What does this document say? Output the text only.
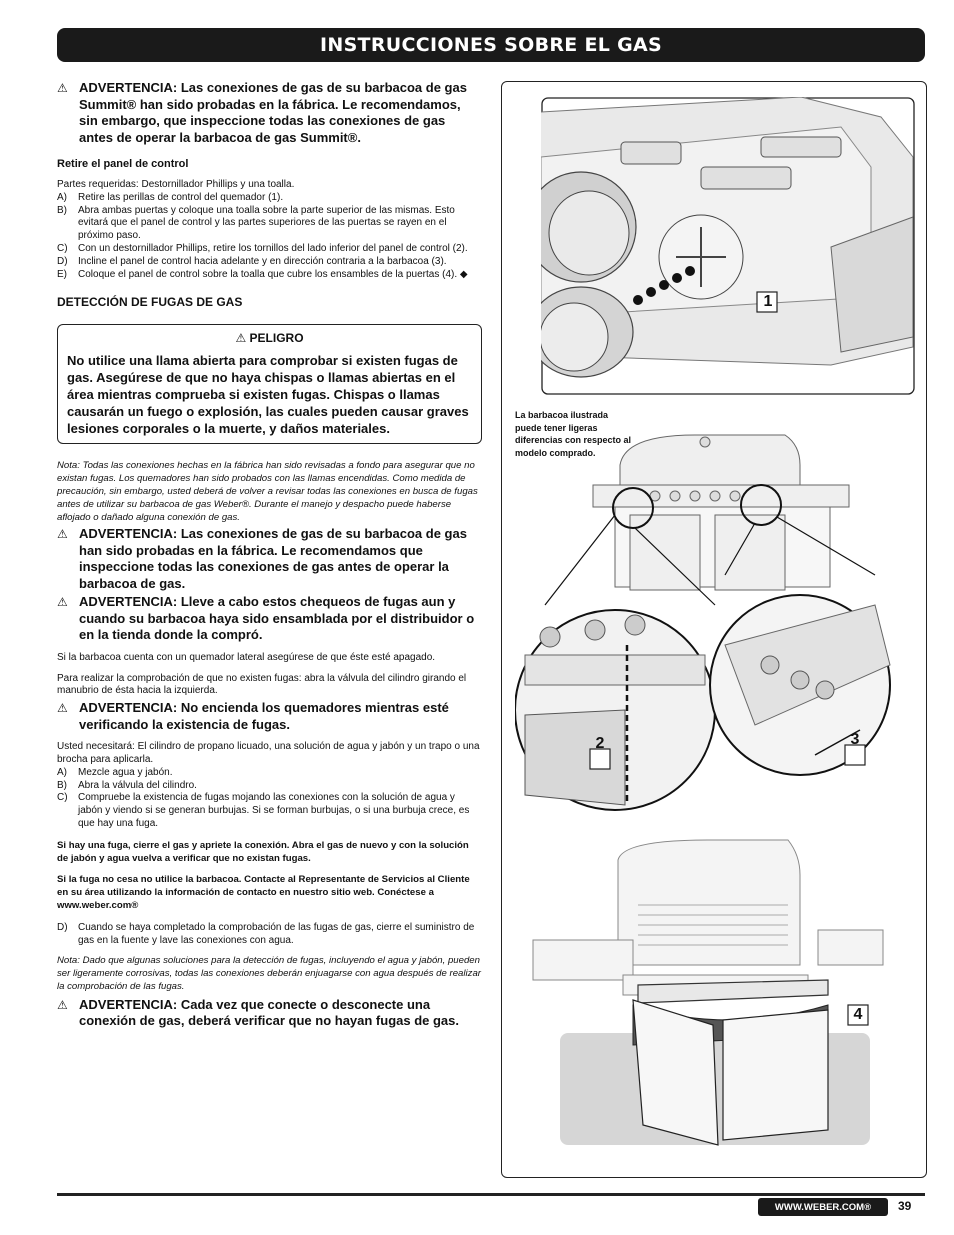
INSTRUCCIONES SOBRE EL GAS

⚠ ADVERTENCIA: Las conexiones de gas de su barbacoa de gas Summit® han sido probadas en la fábrica. Le recomendamos, sin embargo, que inspeccione todas las conexiones de gas antes de operar la barbacoa de gas Summit®.

Retire el panel de control

Partes requeridas: Destornillador Phillips y una toalla.

A)	Retire las perillas de control del quemador (1).
B)	Abra ambas puertas y coloque una toalla sobre la parte superior de las mismas. Esto evitará que el panel de control y las partes superiores de las puertas se rayen en el próximo paso.
C)	Con un destornillador Phillips, retire los tornillos del lado inferior del panel de control (2).
D)	Incline el panel de control hacia adelante y en dirección contraria a la barbacoa (3).
E)	Coloque el panel de control sobre la toalla que cubre los ensambles de la puertas (4). ◆

DETECCIÓN DE FUGAS DE GAS

⚠ PELIGRO

No utilice una llama abierta para comprobar si existen fugas de gas. Asegúrese de que no haya chispas o llamas abiertas en el área mientras comprueba si existen fugas. Chispas o llamas causarán un fuego o explosión, las cuales pueden causar graves lesiones corporales o la muerte, y daños materiales.

Nota: Todas las conexiones hechas en la fábrica han sido revisadas a fondo para asegurar que no existan fugas. Los quemadores han sido probados con las llamas encendidas. Como medida de precaución, sin embargo, usted deberá de volver a revisar todas las conexiones en busca de fugas antes de utilizar su barbacoa de gas Weber®. Durante el manejo y despacho puede haberse aflojado o dañado alguna conexión de gas.

⚠ ADVERTENCIA: Las conexiones de gas de su barbacoa de gas han sido probadas en la fábrica. Le recomendamos que inspeccione todas las conexiones de gas antes de operar la barbacoa de gas.

⚠ ADVERTENCIA: Lleve a cabo estos chequeos de fugas aun y cuando su barbacoa haya sido ensamblada por el distribuidor o en la tienda donde la compró.

Si la barbacoa cuenta con un quemador lateral asegúrese de que éste esté apagado.

Para realizar la comprobación de que no existen fugas: abra la válvula del cilindro girando el manubrio de ésta hacia la izquierda.

⚠ ADVERTENCIA: No encienda los quemadores mientras esté verificando la existencia de fugas.

Usted necesitará: El cilindro de propano licuado, una solución de agua y jabón y un trapo o una brocha para aplicarla.

A)	Mezcle agua y jabón.
B)	Abra la válvula del cilindro.
C)	Compruebe la existencia de fugas mojando las conexiones con la solución de agua y jabón y viendo si se generan burbujas. Si se forman burbujas, o si una burbuja crece, es que hay una fuga.

Si hay una fuga, cierre el gas y apriete la conexión. Abra el gas de nuevo y con la solución de jabón y agua vuelva a verificar que no existan fugas.

Si la fuga no cesa no utilice la barbacoa. Contacte al Representante de Servicios al Cliente en su área utilizando la información de contacto en nuestro sitio web. Conéctese a www.weber.com®

D)	Cuando se haya completado la comprobación de las fugas de gas, cierre el suministro de gas en la fuente y lave las conexiones con agua.

Nota: Dado que algunas soluciones para la detección de fugas, incluyendo el agua y jabón, pueden ser ligeramente corrosivas, todas las conexiones deberán enjuagarse con agua después de realizar la comprobación de las fugas.

⚠ ADVERTENCIA: Cada vez que conecte o desconecte una conexión de gas, deberá verificar que no hayan fugas de gas.

1
La barbacoa ilustrada puede tener ligeras diferencias con respecto al modelo comprado.
2	3
4
WWW.WEBER.COM®	39
